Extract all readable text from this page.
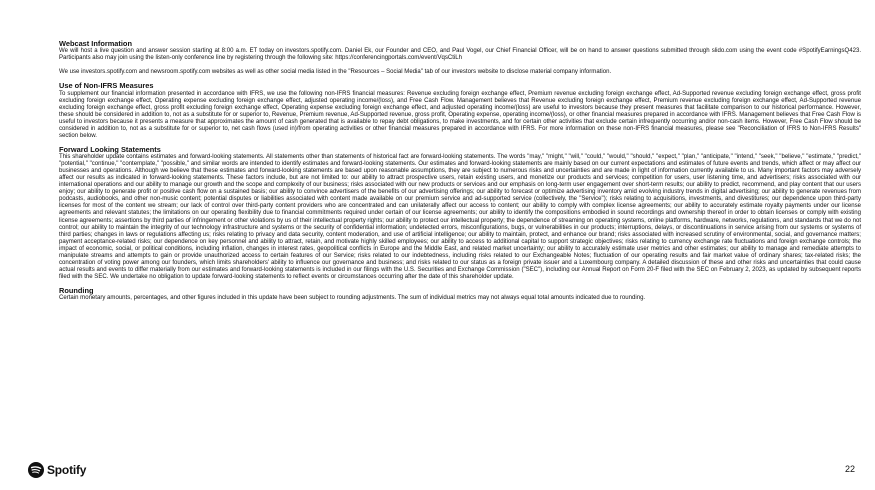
Webcast Information

We will host a live question and answer session starting at 8:00 a.m. ET today on investors.spotify.com. Daniel Ek, our Founder and CEO, and Paul Vogel, our Chief Financial Officer, will be on hand to answer questions submitted through slido.com using the event code #SpotifyEarningsQ423. Participants also may join using the listen-only conference line by registering through the following site: https://conferencingportals.com/event/VqsCtiLh

We use investors.spotify.com and newsroom.spotify.com websites as well as other social media listed in the "Resources – Social Media" tab of our investors website to disclose material company information.

Use of Non-IFRS Measures

To supplement our financial information presented in accordance with IFRS, we use the following non-IFRS financial measures: Revenue excluding foreign exchange effect, Premium revenue excluding foreign exchange effect, Ad-Supported revenue excluding foreign exchange effect, gross profit excluding foreign exchange effect, Operating expense excluding foreign exchange effect, adjusted operating income/(loss), and Free Cash Flow. Management believes that Revenue excluding foreign exchange effect, Premium revenue excluding foreign exchange effect, Ad-Supported revenue excluding foreign exchange effect, gross profit excluding foreign exchange effect, Operating expense excluding foreign exchange effect, and adjusted operating income/(loss) are useful to investors because they present measures that facilitate comparison to our historical performance. However, these should be considered in addition to, not as a substitute for or superior to, Revenue, Premium revenue, Ad-Supported revenue, gross profit, Operating expense, operating income/(loss), or other financial measures prepared in accordance with IFRS. Management believes that Free Cash Flow is useful to investors because it presents a measure that approximates the amount of cash generated that is available to repay debt obligations, to make investments, and for certain other activities that exclude certain infrequently occurring and/or non-cash items. However, Free Cash Flow should be considered in addition to, not as a substitute for or superior to, net cash flows (used in)/from operating activities or other financial measures prepared in accordance with IFRS. For more information on these non-IFRS financial measures, please see "Reconciliation of IFRS to Non-IFRS Results" section below.

Forward Looking Statements

This shareholder update contains estimates and forward-looking statements. All statements other than statements of historical fact are forward-looking statements. The words "may," "might," "will," "could," "would," "should," "expect," "plan," "anticipate," "intend," "seek," "believe," "estimate," "predict," "potential," "continue," "contemplate," "possible," and similar words are intended to identify estimates and forward-looking statements. Our estimates and forward-looking statements are mainly based on our current expectations and estimates of future events and trends, which affect or may affect our businesses and operations. Although we believe that these estimates and forward-looking statements are based upon reasonable assumptions, they are subject to numerous risks and uncertainties and are made in light of information currently available to us. Many important factors may adversely affect our results as indicated in forward-looking statements. These factors include, but are not limited to: our ability to attract prospective users, retain existing users, and monetize our products and services; competition for users, user listening time, and advertisers; risks associated with our international operations and our ability to manage our growth and the scope and complexity of our business; risks associated with our new products or services and our emphasis on long-term user engagement over short-term results; our ability to predict, recommend, and play content that our users enjoy; our ability to generate profit or positive cash flow on a sustained basis; our ability to convince advertisers of the benefits of our advertising offerings; our ability to forecast or optimize advertising inventory amid evolving industry trends in digital advertising; our ability to generate revenues from podcasts, audiobooks, and other non-music content; potential disputes or liabilities associated with content made available on our premium service and ad-supported service (collectively, the "Service"); risks relating to acquisitions, investments, and divestitures; our dependence upon third-party licenses for most of the content we stream; our lack of control over third-party content providers who are concentrated and can unilaterally affect our access to content; our ability to comply with complex license agreements; our ability to accurately estimate royalty payments under our license agreements and relevant statutes; the limitations on our operating flexibility due to financial commitments required under certain of our license agreements; our ability to identify the compositions embodied in sound recordings and ownership thereof in order to obtain licenses or comply with existing license agreements; assertions by third parties of infringement or other violations by us of their intellectual property rights; our ability to protect our intellectual property; the dependence of streaming on operating systems, online platforms, hardware, networks, regulations, and standards that we do not control; our ability to maintain the integrity of our technology infrastructure and systems or the security of confidential information; undetected errors, misconfigurations, bugs, or vulnerabilities in our products; interruptions, delays, or discontinuations in service arising from our systems or systems of third parties; changes in laws or regulations affecting us; risks relating to privacy and data security, content moderation, and use of artificial intelligence; our ability to maintain, protect, and enhance our brand; risks associated with increased scrutiny of environmental, social, and governance matters; payment acceptance-related risks; our dependence on key personnel and ability to attract, retain, and motivate highly skilled employees; our ability to access to additional capital to support strategic objectives; risks relating to currency exchange rate fluctuations and foreign exchange controls; the impact of economic, social, or political conditions, including inflation, changes in interest rates, geopolitical conflicts in Europe and the Middle East, and related market uncertainty; our ability to accurately estimate user metrics and other estimates; our ability to manage and remediate attempts to manipulate streams and attempts to gain or provide unauthorized access to certain features of our Service; risks related to our indebtedness, including risks related to our Exchangeable Notes; fluctuation of our operating results and fair market value of ordinary shares; tax-related risks; the concentration of voting power among our founders, which limits shareholders' ability to influence our governance and business; and risks related to our status as a foreign private issuer and a Luxembourg company. A detailed discussion of these and other risks and uncertainties that could cause actual results and events to differ materially from our estimates and forward-looking statements is included in our filings with the U.S. Securities and Exchange Commission ("SEC"), including our Annual Report on Form 20-F filed with the SEC on February 2, 2023, as updated by subsequent reports filed with the SEC. We undertake no obligation to update forward-looking statements to reflect events or circumstances occurring after the date of this shareholder update.

Rounding

Certain monetary amounts, percentages, and other figures included in this update have been subject to rounding adjustments. The sum of individual metrics may not always equal total amounts indicated due to rounding.

Spotify	22
